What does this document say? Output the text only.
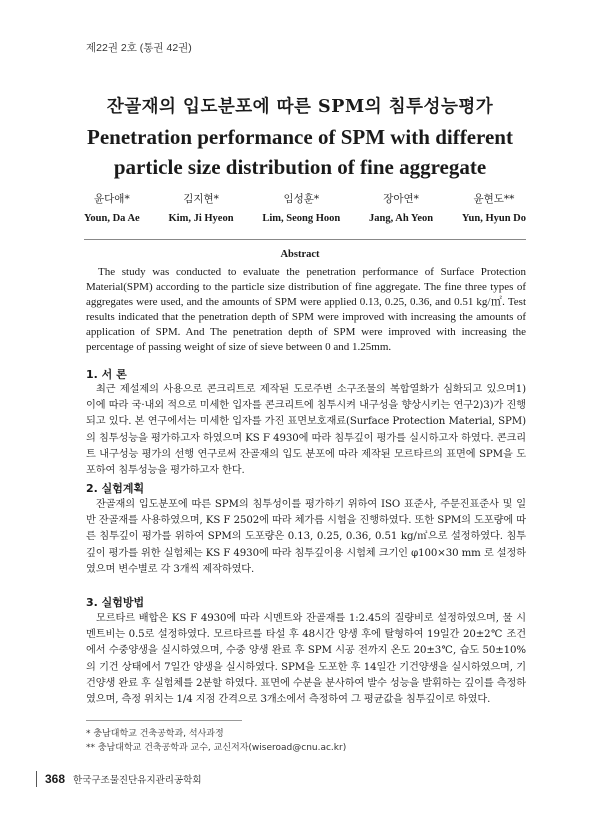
제22권 2호 (통권 42권)
잔골재의 입도분포에 따른 SPM의 침투성능평가
Penetration performance of SPM with different
particle size distribution of fine aggregate
윤다애*
Youn, Da Ae
김지현*
Kim, Ji Hyeon
임성훈*
Lim, Seong Hoon
장아연*
Jang, Ah Yeon
윤현도**
Yun, Hyun Do
Abstract

The study was conducted to evaluate the penetration performance of Surface Protection Material(SPM) according to the particle size distribution of fine aggregate. The fine three types of aggregates were used, and the amounts of SPM were applied 0.13, 0.25, 0.36, and 0.51 kg/㎡. Test results indicated that the penetration depth of SPM were improved with increasing the amounts of application of SPM. And The penetration depth of SPM were improved with increasing the percentage of passing weight of size of sieve between 0 and 1.25mm.

1. 서 론

최근 제설제의 사용으로 콘크리트로 제작된 도로주변 소구조물의 복합열화가 심화되고 있으며1) 이에 따라 국·내외 적으로 미세한 입자를 콘크리트에 침투시켜 내구성을 향상시키는 연구2)3)가 진행되고 있다. 본 연구에서는 미세한 입자를 가진 표면보호재료(Surface Protection Material, SPM)의 침투성능을 평가하고자 하였으며 KS F 4930에 따라 침투깊이 평가를 실시하고자 하였다. 콘크리트 내구성능 평가의 선행 연구로써 잔골재의 입도 분포에 따라 제작된 모르타르의 표면에 SPM을 도포하여 침투성능을 평가하고자 한다.

2. 실험계획

잔골재의 입도분포에 따른 SPM의 침투성이를 평가하기 위하여 ISO 표준사, 주문진표준사 및 일반 잔골재를 사용하였으며, KS F 2502에 따라 체가름 시험을 진행하였다. 또한 SPM의 도포량에 따른 침투깊이 평가를 위하여 SPM의 도포량은 0.13, 0.25, 0.36, 0.51 kg/㎡으로 설정하였다. 침투깊이 평가를 위한 실험체는 KS F 4930에 따라 침투깊이용 시험체 크기인 φ100×30 mm 로 설정하였으며 변수별로 각 3개씩 제작하였다.

3. 실험방법

모르타르 배합은 KS F 4930에 따라 시멘트와 잔골재를 1:2.45의 질량비로 설정하였으며, 물 시멘트비는 0.5로 설정하였다. 모르타르를 타설 후 48시간 양생 후에 탈형하여 19일간 20±2℃ 조건에서 수중양생을 실시하였으며, 수중 양생 완료 후 SPM 시공 전까지 온도 20±3℃, 습도 50±10%의 기건 상태에서 7일간 양생을 실시하였다. SPM을 도포한 후 14일간 기건양생을 실시하였으며, 기건양생 완료 후 실험체를 2분할 하였다. 표면에 수분을 분사하여 발수 성능을 발휘하는 깊이를 측정하였으며, 측정 위치는 1/4 지점 간격으로 3개소에서 측정하여 그 평균값을 침투깊이로 하였다.

* 충남대학교 건축공학과, 석사과정
** 충남대학교 건축공학과 교수, 교신저자(wiseroad@cnu.ac.kr)
368 한국구조물진단유지관리공학회
